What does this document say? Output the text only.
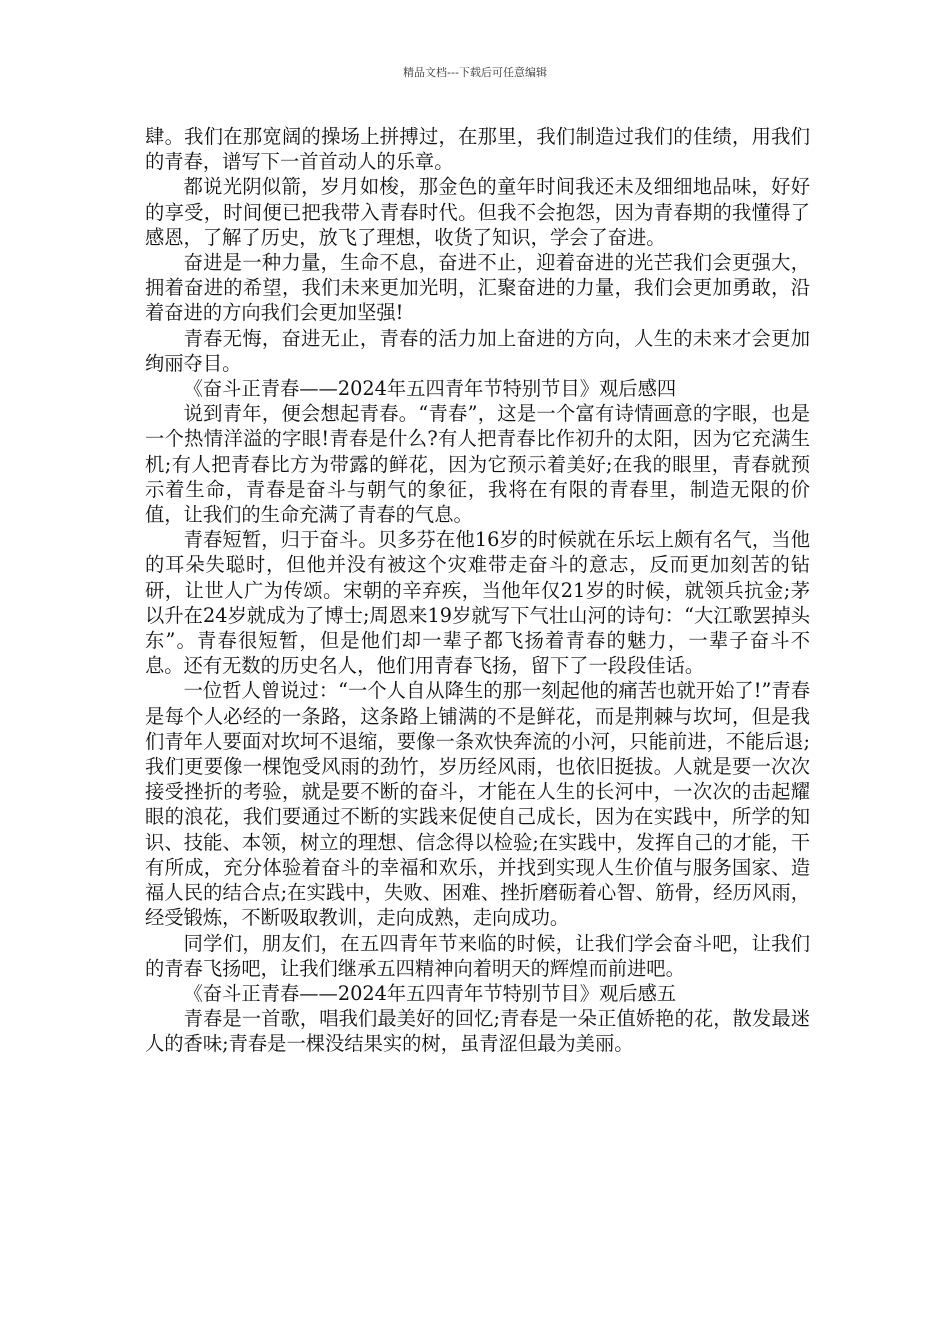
精品文档---下载后可任意编辑

肆。我们在那宽阔的操场上拼搏过，在那里，我们制造过我们的佳绩，用我们的青春，谱写下一首首动人的乐章。

都说光阴似箭，岁月如梭，那金色的童年时间我还未及细细地品味，好好的享受，时间便已把我带入青春时代。但我不会抱怨，因为青春期的我懂得了感恩，了解了历史，放飞了理想，收货了知识，学会了奋进。

奋进是一种力量，生命不息，奋进不止，迎着奋进的光芒我们会更强大，拥着奋进的希望，我们未来更加光明，汇聚奋进的力量，我们会更加勇敢，沿着奋进的方向我们会更加坚强!

青春无悔，奋进无止，青春的活力加上奋进的方向，人生的未来才会更加绚丽夺目。

《奋斗正青春——2024年五四青年节特别节目》观后感四

说到青年，便会想起青春。“青春”，这是一个富有诗情画意的字眼，也是一个热情洋溢的字眼!青春是什么?有人把青春比作初升的太阳，因为它充满生机;有人把青春比方为带露的鲜花，因为它预示着美好;在我的眼里，青春就预示着生命，青春是奋斗与朝气的象征，我将在有限的青春里，制造无限的价值，让我们的生命充满了青春的气息。

青春短暂，归于奋斗。贝多芬在他16岁的时候就在乐坛上颇有名气，当他的耳朵失聪时，但他并没有被这个灾难带走奋斗的意志，反而更加刻苦的钻研，让世人广为传颂。宋朝的辛弃疾，当他年仅21岁的时候，就领兵抗金;茅以升在24岁就成为了博士;周恩来19岁就写下气壮山河的诗句：“大江歌罢掉头东”。青春很短暂，但是他们却一辈子都飞扬着青春的魅力，一辈子奋斗不息。还有无数的历史名人，他们用青春飞扬，留下了一段段佳话。

一位哲人曾说过：“一个人自从降生的那一刻起他的痛苦也就开始了!”青春是每个人必经的一条路，这条路上铺满的不是鲜花，而是荆棘与坎坷，但是我们青年人要面对坎坷不退缩，要像一条欢快奔流的小河，只能前进，不能后退;我们更要像一棵饱受风雨的劲竹，岁历经风雨，也依旧挺拔。人就是要一次次接受挫折的考验，就是要不断的奋斗，才能在人生的长河中，一次次的击起耀眼的浪花，我们要通过不断的实践来促使自己成长，因为在实践中，所学的知识、技能、本领，树立的理想、信念得以检验;在实践中，发挥自己的才能，干有所成，充分体验着奋斗的幸福和欢乐，并找到实现人生价值与服务国家、造福人民的结合点;在实践中，失败、困难、挫折磨砺着心智、筋骨，经历风雨，经受锻炼，不断吸取教训，走向成熟，走向成功。

同学们，朋友们，在五四青年节来临的时候，让我们学会奋斗吧，让我们的青春飞扬吧，让我们继承五四精神向着明天的辉煌而前进吧。

《奋斗正青春——2024年五四青年节特别节目》观后感五

青春是一首歌，唱我们最美好的回忆;青春是一朵正值娇艳的花，散发最迷人的香味;青春是一棵没结果实的树，虽青涩但最为美丽。
